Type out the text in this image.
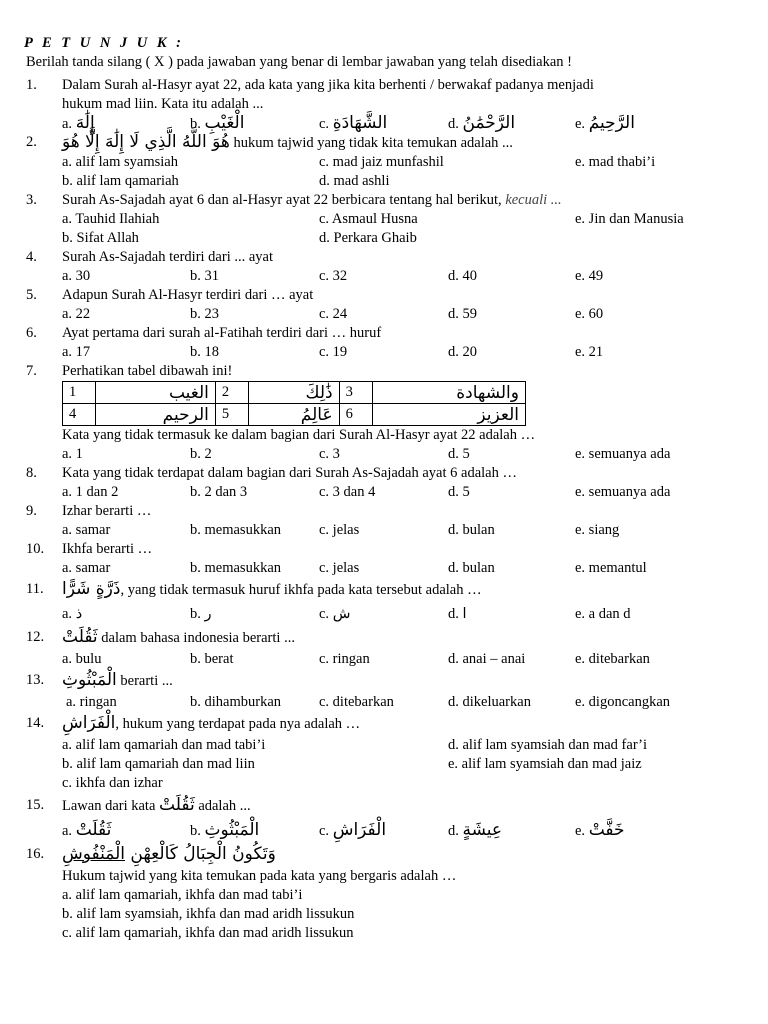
P E T U N J U K :
Berilah tanda silang ( X ) pada jawaban yang benar di lembar jawaban yang telah disediakan !
1. Dalam Surah al-Hasyr ayat 22, ada kata yang jika kita berhenti / berwakaf padanya menjadi
hukum mad liin. Kata itu adalah ...
a. إِلَٰهَ	b. الْغَيْبِ	c. الشَّهَادَةِ	d. الرَّحْمَٰنُ	e. الرَّحِيمُ
2. هُوَ اللَّهُ الَّذِي لَا إِلَٰهَ إِلَّا هُوَ hukum tajwid yang tidak kita temukan adalah ...
a. alif lam syamsiah	c. mad jaiz munfashil	e. mad thabi’i
b. alif lam qamariah	d. mad ashli
3. Surah As-Sajadah ayat 6 dan al-Hasyr ayat 22 berbicara tentang hal berikut, kecuali ...
a. Tauhid Ilahiah	c. Asmaul Husna	e. Jin dan Manusia
b. Sifat Allah	d. Perkara Ghaib
4. Surah As-Sajadah terdiri dari ... ayat
a. 30	b. 31	c. 32	d. 40	e. 49
5. Adapun Surah Al-Hasyr terdiri dari … ayat
a. 22	b. 23	c. 24	d. 59	e. 60
6. Ayat pertama dari surah al-Fatihah terdiri dari … huruf
a. 17	b. 18	c. 19	d. 20	e. 21
7. Perhatikan tabel dibawah ini!
1	الغيب	2	ذَٰلِكَ	3	والشهادة
4	الرحيم	5	عَالِمُ	6	العزيز
Kata yang tidak termasuk ke dalam bagian dari Surah Al-Hasyr ayat 22 adalah …
a. 1	b. 2	c. 3	d. 5	e. semuanya ada
8. Kata yang tidak terdapat dalam bagian dari Surah As-Sajadah ayat 6 adalah …
a. 1 dan 2	b. 2 dan 3	c. 3 dan 4	d. 5	e. semuanya ada
9. Izhar berarti …
a. samar	b. memasukkan	c. jelas	d. bulan	e. siang
10. Ikhfa berarti …
a. samar	b. memasukkan	c. jelas	d. bulan	e. memantul
11. ذَرَّةٍ شَرًّا, yang tidak termasuk huruf ikhfa pada kata tersebut adalah …
a. ذ	b. ر	c. ش	d. ا	e. a dan d
12. ثَقُلَتْ dalam bahasa indonesia berarti ...
a. bulu	b. berat	c. ringan	d. anai – anai	e. ditebarkan
13. الْمَبْثُوثِ berarti ...
a. ringan	b. dihamburkan	c. ditebarkan	d. dikeluarkan	e. digoncangkan
14. الْفَرَاشِ, hukum yang terdapat pada nya adalah …
a. alif lam qamariah dan mad tabi’i	d. alif lam syamsiah dan mad far’i
b. alif lam qamariah dan mad liin	e. alif lam syamsiah dan mad jaiz
c. ikhfa dan izhar
15. Lawan dari kata ثَقُلَتْ adalah ...
a. ثَقُلَتْ	b. الْمَبْثُوثِ	c. الْفَرَاشِ	d. عِيشَةٍ	e. خَفَّتْ
16.	وَتَكُونُ الْجِبَالُ كَالْعِهْنِ الْمَنْفُوشِ
Hukum tajwid yang kita temukan pada kata yang bergaris adalah …
a. alif lam qamariah, ikhfa dan mad tabi’i
b. alif lam syamsiah, ikhfa dan mad aridh lissukun
c. alif lam qamariah, ikhfa dan mad aridh lissukun
